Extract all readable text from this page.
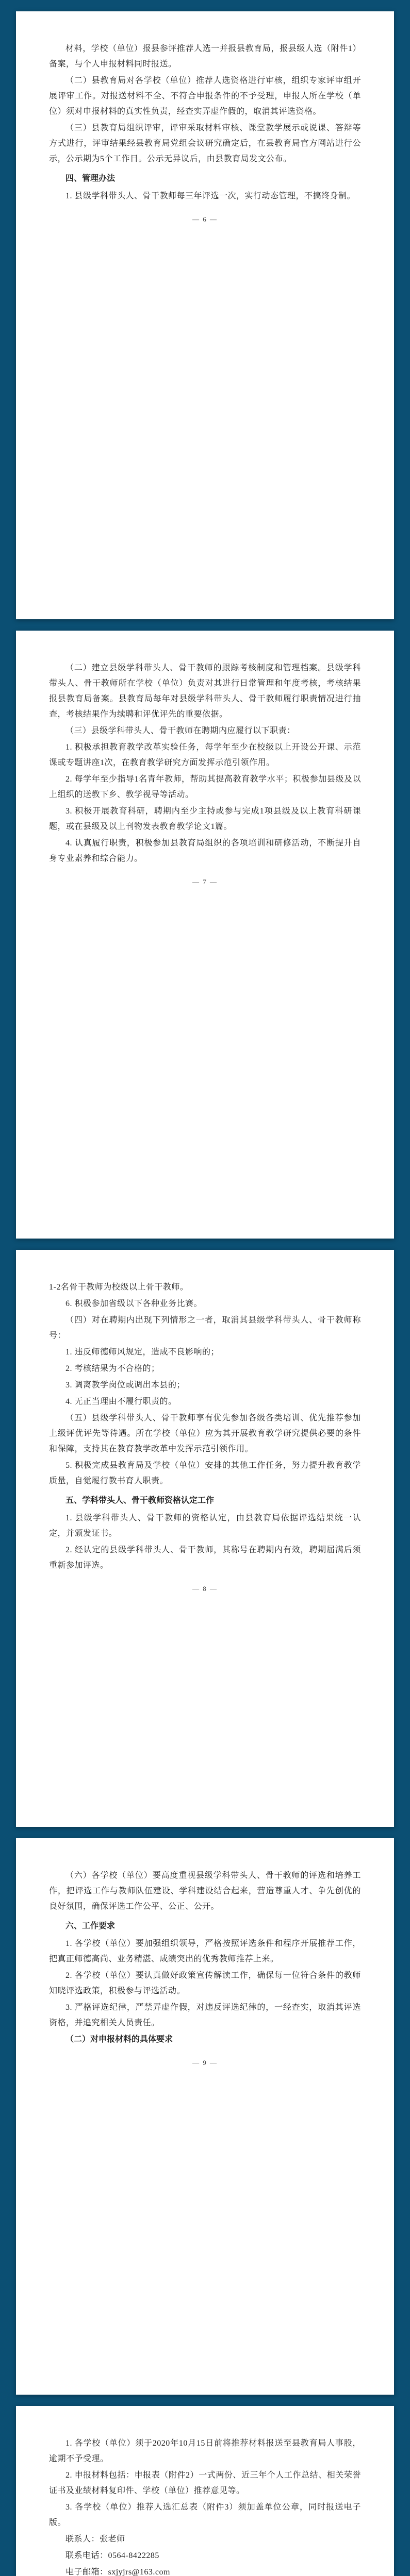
材料，学校（单位）报县参评推荐人选一并报县教育局，报县级人选（附件1）备案，与个人申报材料同时报送。
（二）县教育局对各学校（单位）推荐人选资格进行审核，组织专家评审组开展评审工作。对报送材料不全、不符合申报条件的不予受理，申报人所在学校（单位）须对申报材料的真实性负责，经查实弄虚作假的，取消其评选资格。
（三）县教育局组织评审，评审采取材料审核、课堂教学展示或说课、答辩等方式进行，评审结果经县教育局党组会议研究确定后，在县教育局官方网站进行公示，公示期为5个工作日。公示无异议后，由县教育局发文公布。
四、管理办法
1. 县级学科带头人、骨干教师每三年评选一次，实行动态管理，不搞终身制。
— 6 —
（二）建立县级学科带头人、骨干教师的跟踪考核制度和管理档案。县级学科带头人、骨干教师所在学校（单位）负责对其进行日常管理和年度考核，考核结果报县教育局备案。县教育局每年对县级学科带头人、骨干教师履行职责情况进行抽查，考核结果作为续聘和评优评先的重要依据。
（三）县级学科带头人、骨干教师在聘期内应履行以下职责：
1. 积极承担教育教学改革实验任务，每学年至少在校级以上开设公开课、示范课或专题讲座1次，在教育教学研究方面发挥示范引领作用。
2. 每学年至少指导1名青年教师，帮助其提高教育教学水平；积极参加县级及以上组织的送教下乡、教学视导等活动。
3. 积极开展教育科研，聘期内至少主持或参与完成1项县级及以上教育科研课题，或在县级及以上刊物发表教育教学论文1篇。
4. 认真履行职责，积极参加县教育局组织的各项培训和研修活动，不断提升自身专业素养和综合能力。
— 7 —
1-2名骨干教师为校级以上骨干教师。
6. 积极参加省级以下各种业务比赛。
（四）对在聘期内出现下列情形之一者，取消其县级学科带头人、骨干教师称号：
1. 违反师德师风规定，造成不良影响的；
2. 考核结果为不合格的；
3. 调离教学岗位或调出本县的；
4. 无正当理由不履行职责的。
（五）县级学科带头人、骨干教师享有优先参加各级各类培训、优先推荐参加上级评优评先等待遇。所在学校（单位）应为其开展教育教学研究提供必要的条件和保障，支持其在教育教学改革中发挥示范引领作用。
5. 积极完成县教育局及学校（单位）安排的其他工作任务，努力提升教育教学质量，自觉履行教书育人职责。
五、学科带头人、骨干教师资格认定工作
1. 县级学科带头人、骨干教师的资格认定，由县教育局依据评选结果统一认定，并颁发证书。
2. 经认定的县级学科带头人、骨干教师，其称号在聘期内有效，聘期届满后须重新参加评选。
— 8 —
（六）各学校（单位）要高度重视县级学科带头人、骨干教师的评选和培养工作，把评选工作与教师队伍建设、学科建设结合起来，营造尊重人才、争先创优的良好氛围，确保评选工作公平、公正、公开。
六、工作要求
1. 各学校（单位）要加强组织领导，严格按照评选条件和程序开展推荐工作，把真正师德高尚、业务精湛、成绩突出的优秀教师推荐上来。
2. 各学校（单位）要认真做好政策宣传解读工作，确保每一位符合条件的教师知晓评选政策，积极参与评选活动。
3. 严格评选纪律，严禁弄虚作假，对违反评选纪律的，一经查实，取消其评选资格，并追究相关人员责任。
（二）对申报材料的具体要求
— 9 —
1. 各学校（单位）须于2020年10月15日前将推荐材料报送至县教育局人事股，逾期不予受理。
2. 申报材料包括：申报表（附件2）一式两份、近三年个人工作总结、相关荣誉证书及业绩材料复印件、学校（单位）推荐意见等。
3. 各学校（单位）推荐人选汇总表（附件3）须加盖单位公章，同时报送电子版。
联系人：张老师
联系电话：0564-8422285
电子邮箱：sxjyjrs@163.com
